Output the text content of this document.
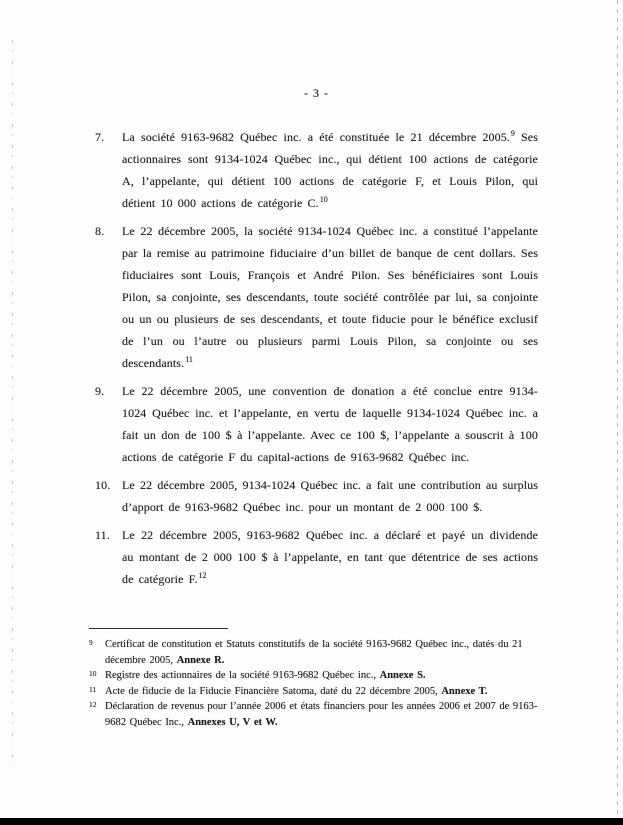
- 3 -
7. La société 9163-9682 Québec inc. a été constituée le 21 décembre 2005.$^9$ Ses actionnaires sont 9134-1024 Québec inc., qui détient 100 actions de catégorie A, l’appelante, qui détient 100 actions de catégorie F, et Louis Pilon, qui détient 10 000 actions de catégorie C.$^{10}$
8. Le 22 décembre 2005, la société 9134-1024 Québec inc. a constitué l’appelante par la remise au patrimoine fiduciaire d’un billet de banque de cent dollars. Ses fiduciaires sont Louis, François et André Pilon. Ses bénéficiaires sont Louis Pilon, sa conjointe, ses descendants, toute société contrôlée par lui, sa conjointe ou un ou plusieurs de ses descendants, et toute fiducie pour le bénéfice exclusif de l’un ou l’autre ou plusieurs parmi Louis Pilon, sa conjointe ou ses descendants.$^{11}$
9. Le 22 décembre 2005, une convention de donation a été conclue entre 9134-1024 Québec inc. et l’appelante, en vertu de laquelle 9134-1024 Québec inc. a fait un don de 100 $ à l’appelante. Avec ce 100 $, l’appelante a souscrit à 100 actions de catégorie F du capital-actions de 9163-9682 Québec inc.
10. Le 22 décembre 2005, 9134-1024 Québec inc. a fait une contribution au surplus d’apport de 9163-9682 Québec inc. pour un montant de 2 000 100 $.
11. Le 22 décembre 2005, 9163-9682 Québec inc. a déclaré et payé un dividende au montant de 2 000 100 $ à l’appelante, en tant que détentrice de ses actions de catégorie F.$^{12}$
9 Certificat de constitution et Statuts constitutifs de la société 9163-9682 Québec inc., datés du 21 décembre 2005, Annexe R.
10 Registre des actionnaires de la société 9163-9682 Québec inc., Annexe S.
11 Acte de fiducie de la Fiducie Financière Satoma, daté du 22 décembre 2005, Annexe T.
12 Déclaration de revenus pour l’année 2006 et états financiers pour les années 2006 et 2007 de 9163-9682 Québec Inc., Annexes U, V et W.
